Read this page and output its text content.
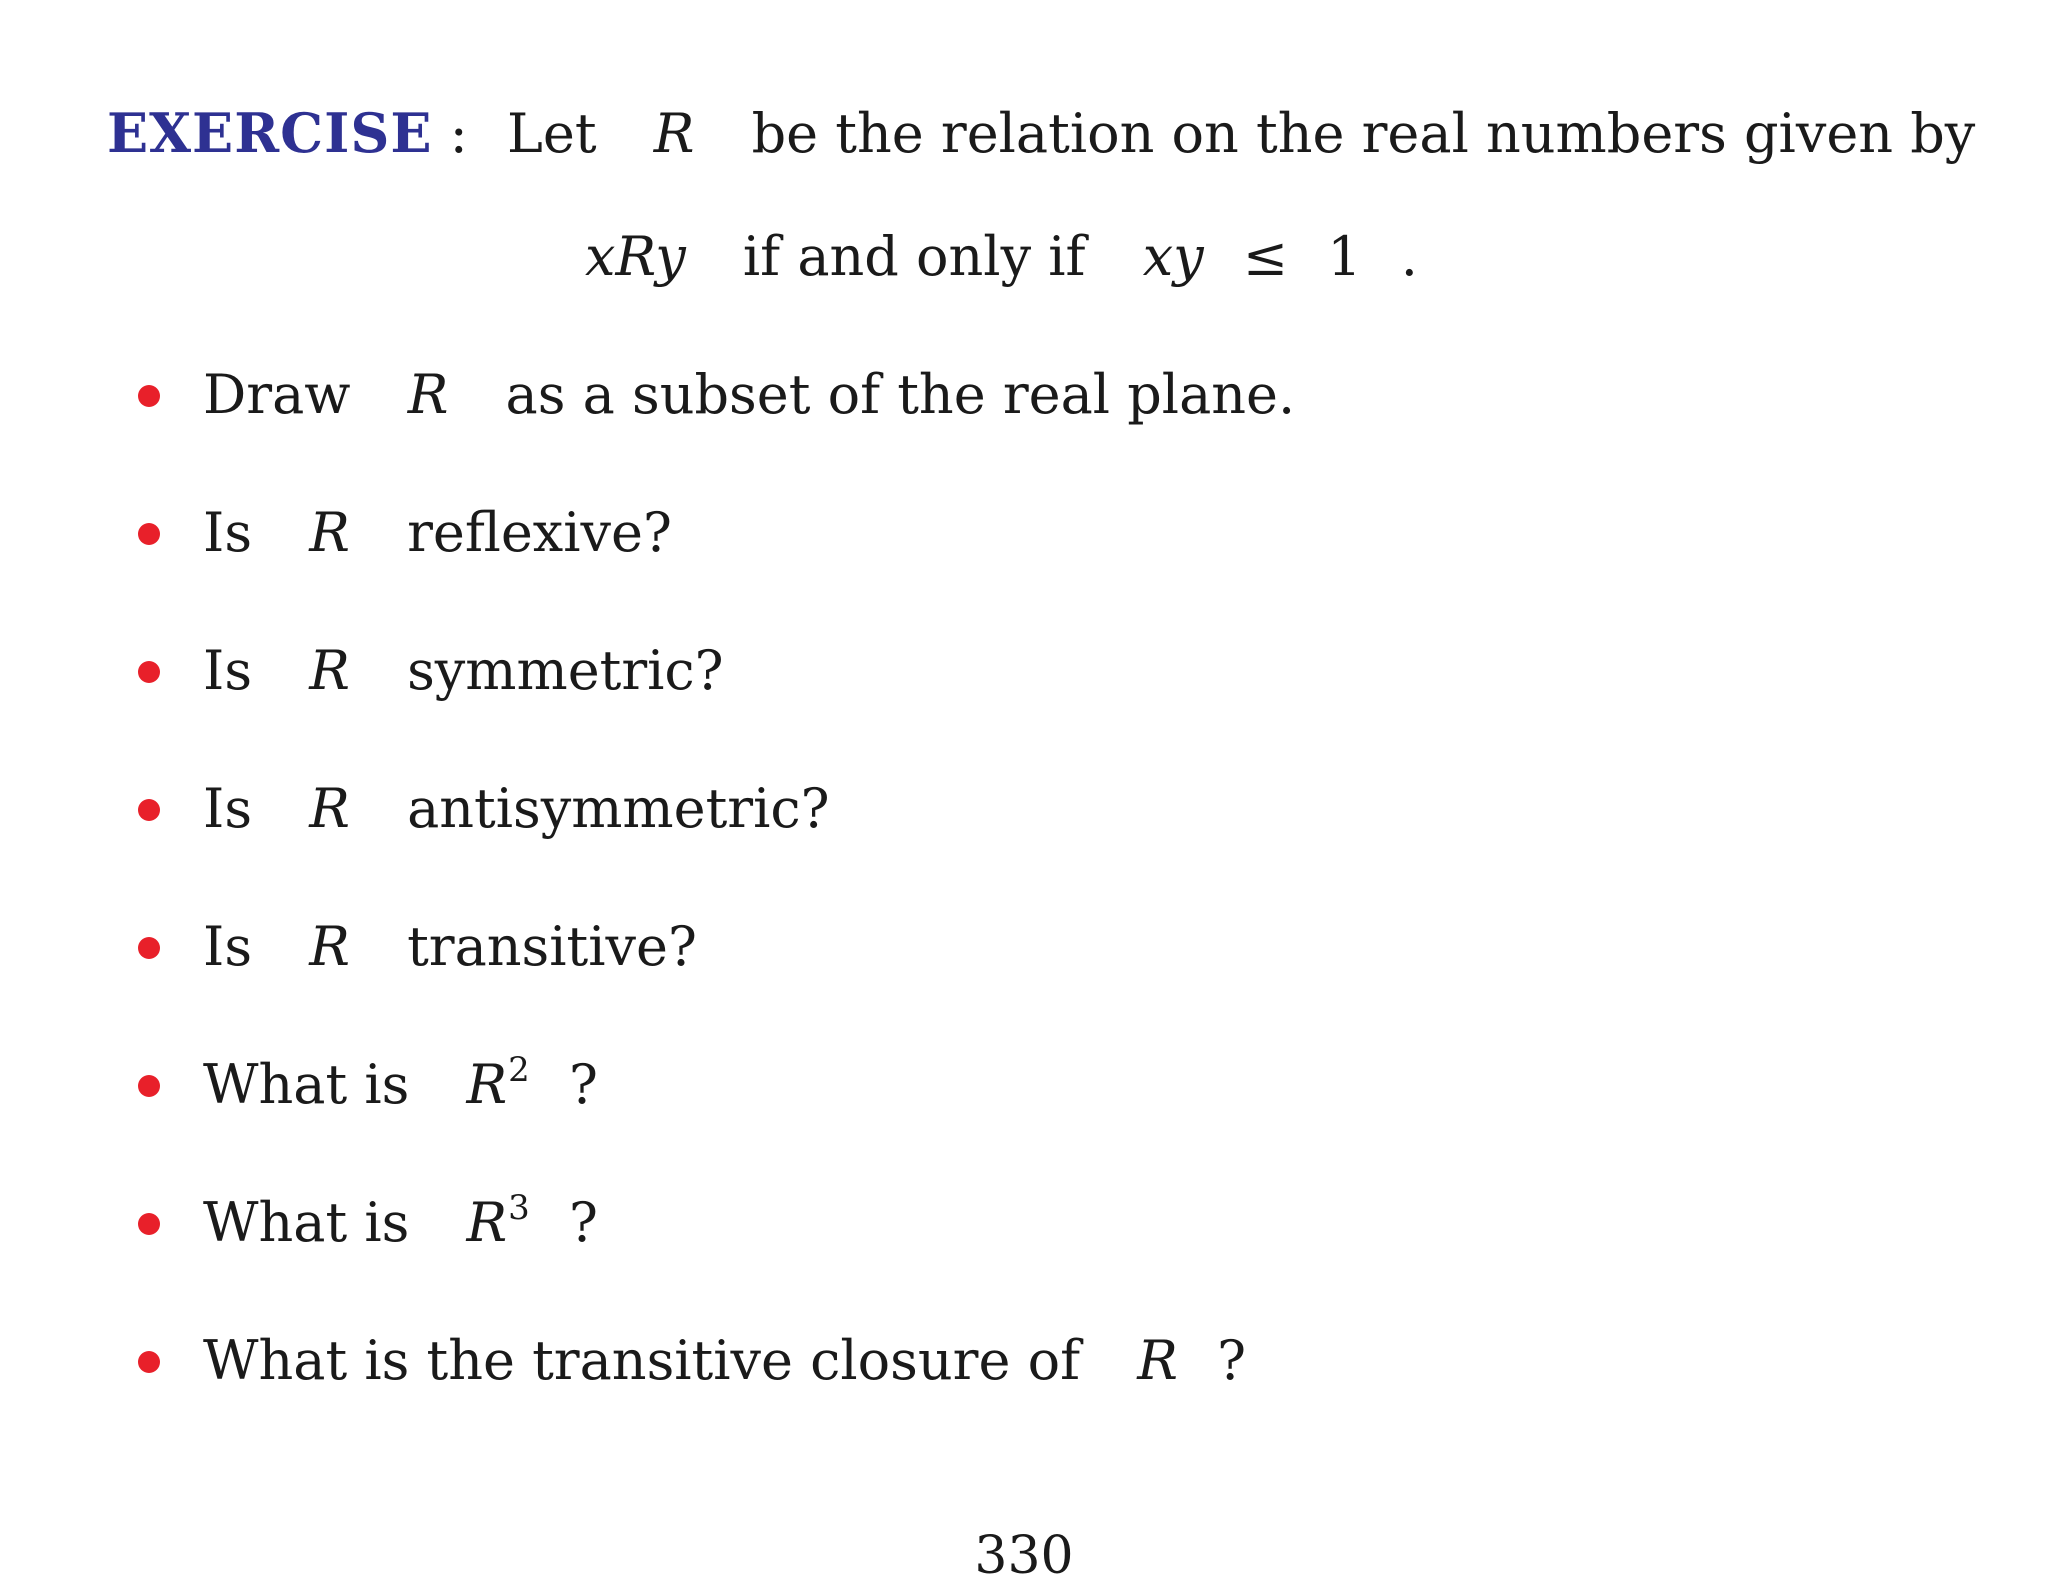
EXERCISE : Let R be the relation on the real numbers given by
xRy if and only if xy ≤ 1 .
Draw R as a subset of the real plane.
Is R reflexive?
Is R symmetric?
Is R antisymmetric?
Is R transitive?
What is $R^2$ ?
What is $R^3$ ?
What is the transitive closure of R ?
330
